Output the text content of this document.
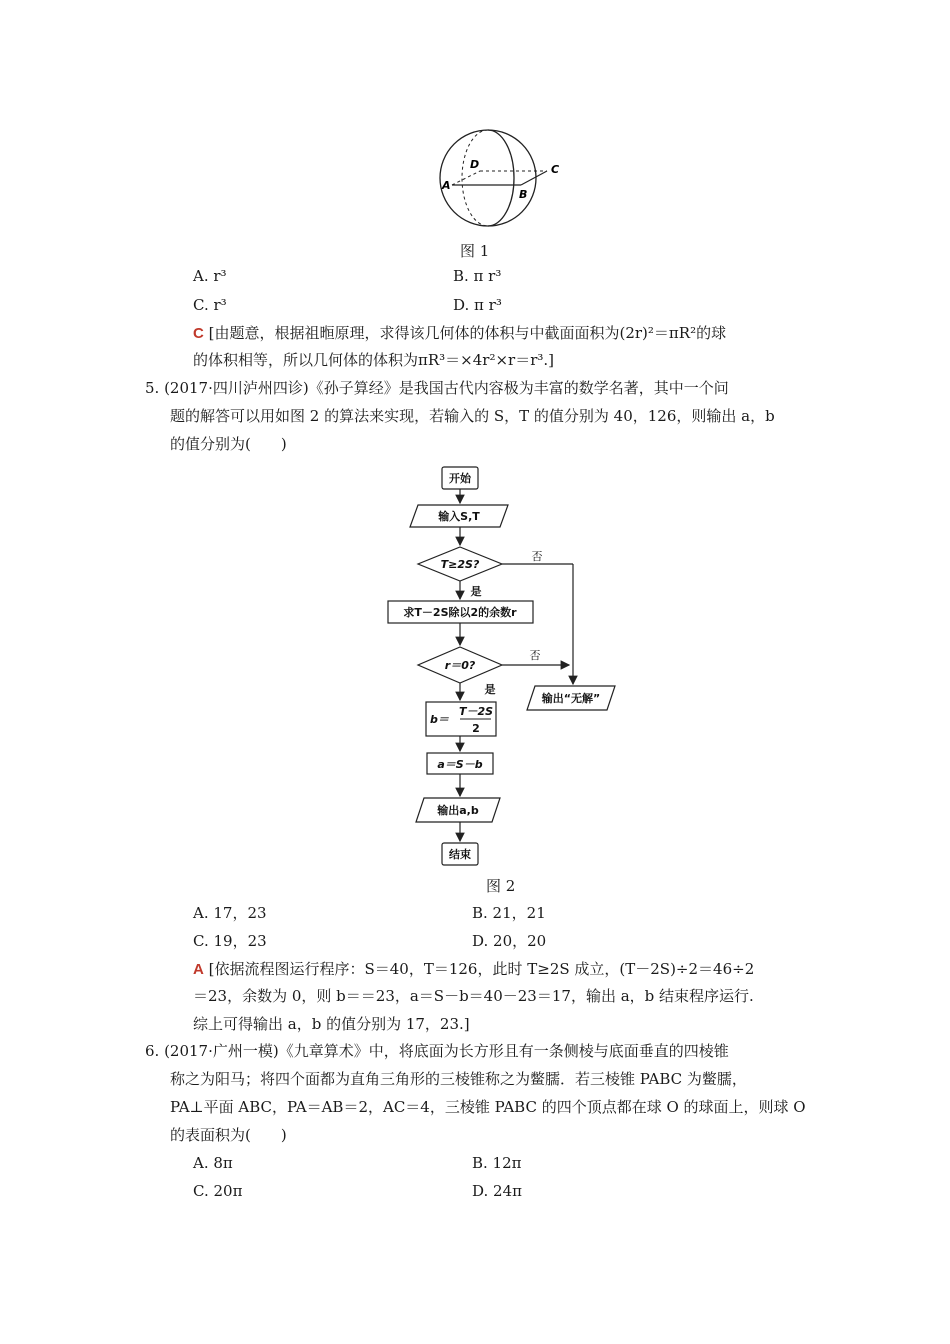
A
D
B
C
图 1
A. r³	B. π r³
C. r³	D. π r³
C [由题意，根据祖暅原理，求得该几何体的体积与中截面面积为(2r)²＝πR²的球
的体积相等，所以几何体的体积为πR³＝×4r²×r＝r³.]
5. (2017·四川泸州四诊)《孙子算经》是我国古代内容极为丰富的数学名著，其中一个问
题的解答可以用如图 2 的算法来实现，若输入的 S，T 的值分别为 40，126，则输出 a，b
的值分别为(　　)
开始
输入S,T
T≥2S?
否
是
求T－2S除以2的余数r
r＝0?
否
是
输出“无解”
b＝
T－2S
2
a＝S－b
输出a,b
结束
图 2
A. 17，23	B. 21，21
C. 19，23	D. 20，20
A [依据流程图运行程序：S＝40，T＝126，此时 T≥2S 成立，(T－2S)÷2＝46÷2
＝23，余数为 0，则 b＝＝23，a＝S－b＝40－23＝17，输出 a，b 结束程序运行.
综上可得输出 a，b 的值分别为 17，23.]
6. (2017·广州一模)《九章算术》中，将底面为长方形且有一条侧棱与底面垂直的四棱锥
称之为阳马；将四个面都为直角三角形的三棱锥称之为鳖臑．若三棱锥 PABC 为鳖臑，
PA⊥平面 ABC，PA＝AB＝2，AC＝4，三棱锥 PABC 的四个顶点都在球 O 的球面上，则球 O
的表面积为(　　)
A. 8π	B. 12π
C. 20π	D. 24π
